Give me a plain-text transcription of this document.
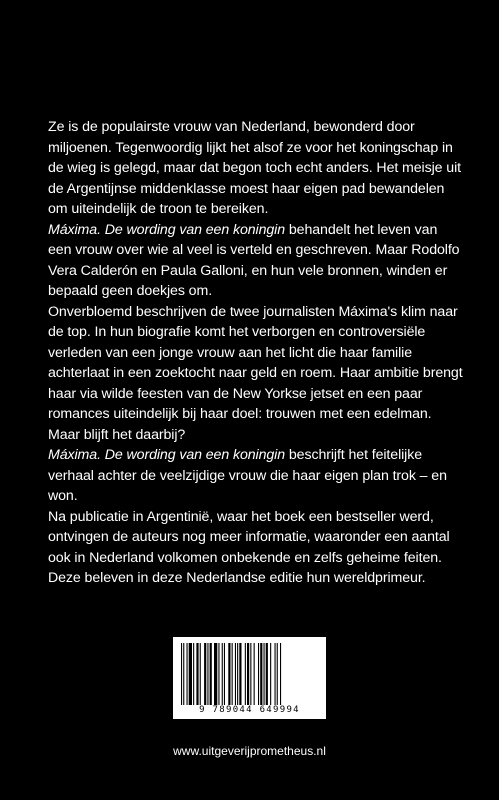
Ze is de populairste vrouw van Nederland, bewonderd door miljoenen. Tegenwoordig lijkt het alsof ze voor het koningschap in de wieg is gelegd, maar dat begon toch echt anders. Het meisje uit de Argentijnse middenklasse moest haar eigen pad bewandelen om uiteindelijk de troon te bereiken.

Máxima. De wording van een koningin behandelt het leven van een vrouw over wie al veel is verteld en geschreven. Maar Rodolfo Vera Calderón en Paula Galloni, en hun vele bronnen, winden er bepaald geen doekjes om.

Onverbloemd beschrijven de twee journalisten Máxima's klim naar de top. In hun biografie komt het verborgen en controversiële verleden van een jonge vrouw aan het licht die haar familie achterlaat in een zoektocht naar geld en roem. Haar ambitie brengt haar via wilde feesten van de New Yorkse jetset en een paar romances uiteindelijk bij haar doel: trouwen met een edelman. Maar blijft het daarbij?

Máxima. De wording van een koningin beschrijft het feitelijke verhaal achter de veelzijdige vrouw die haar eigen plan trok – en won.

Na publicatie in Argentinië, waar het boek een bestseller werd, ontvingen de auteurs nog meer informatie, waaronder een aantal ook in Nederland volkomen onbekende en zelfs geheime feiten. Deze beleven in deze Nederlandse editie hun wereldprimeur.

9 789044 649994
www.uitgeverijprometheus.nl
